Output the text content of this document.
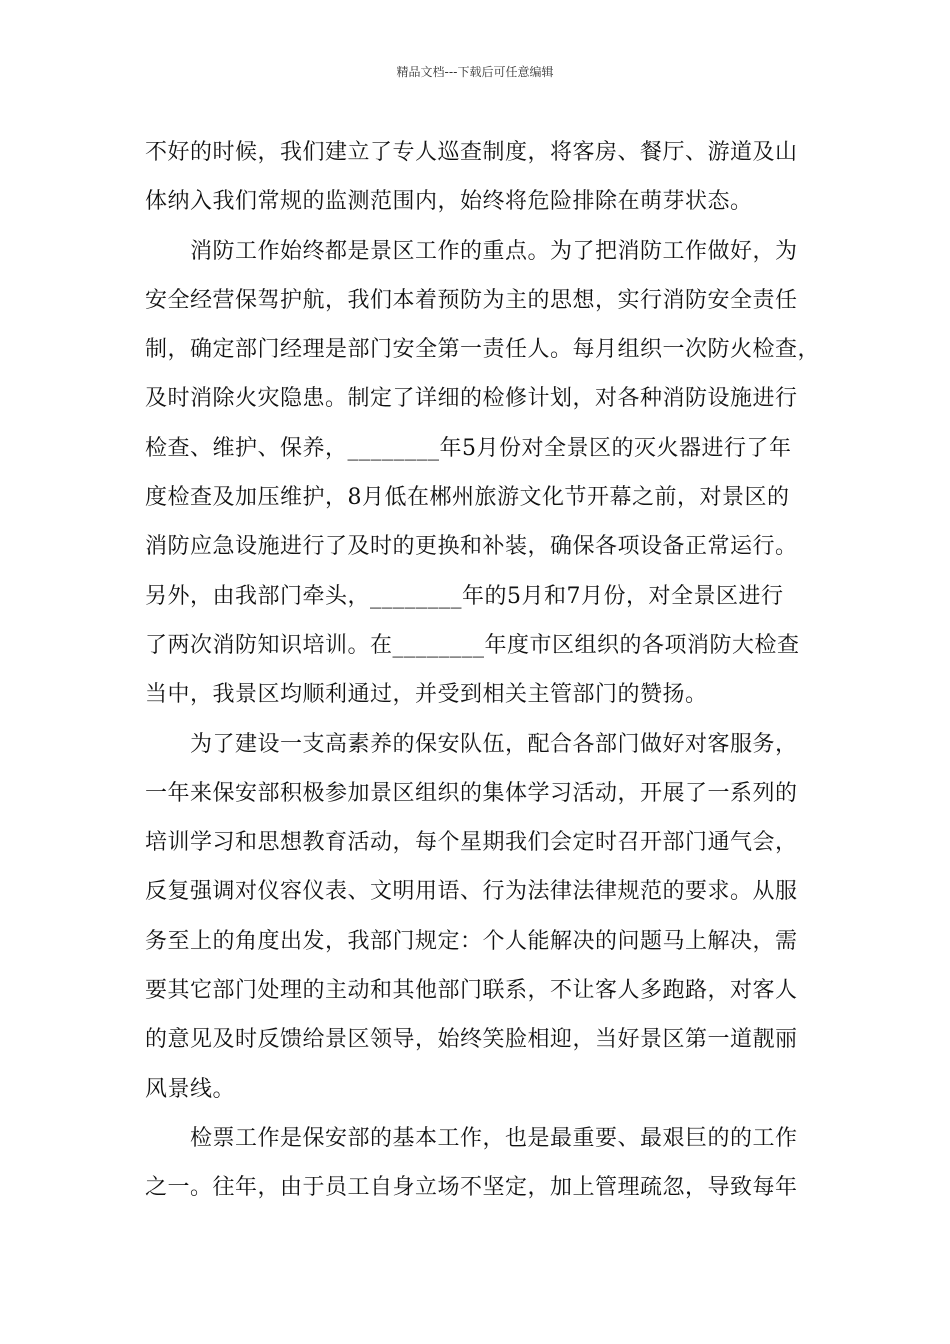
精品文档---下载后可任意编辑
不好的时候，我们建立了专人巡查制度，将客房、餐厅、游道及山
体纳入我们常规的监测范围内，始终将危险排除在萌芽状态。
消防工作始终都是景区工作的重点。为了把消防工作做好，为
安全经营保驾护航，我们本着预防为主的思想，实行消防安全责任
制，确定部门经理是部门安全第一责任人。每月组织一次防火检查，
及时消除火灾隐患。制定了详细的检修计划，对各种消防设施进行
检查、维护、保养，________年5月份对全景区的灭火器进行了年
度检查及加压维护，8月低在郴州旅游文化节开幕之前，对景区的
消防应急设施进行了及时的更换和补装，确保各项设备正常运行。
另外，由我部门牵头，________年的5月和7月份，对全景区进行
了两次消防知识培训。在________年度市区组织的各项消防大检查
当中，我景区均顺利通过，并受到相关主管部门的赞扬。
为了建设一支高素养的保安队伍，配合各部门做好对客服务，
一年来保安部积极参加景区组织的集体学习活动，开展了一系列的
培训学习和思想教育活动，每个星期我们会定时召开部门通气会，
反复强调对仪容仪表、文明用语、行为法律法律规范的要求。从服
务至上的角度出发，我部门规定：个人能解决的问题马上解决，需
要其它部门处理的主动和其他部门联系，不让客人多跑路，对客人
的意见及时反馈给景区领导，始终笑脸相迎，当好景区第一道靓丽
风景线。
检票工作是保安部的基本工作，也是最重要、最艰巨的的工作
之一。往年，由于员工自身立场不坚定，加上管理疏忽，导致每年
